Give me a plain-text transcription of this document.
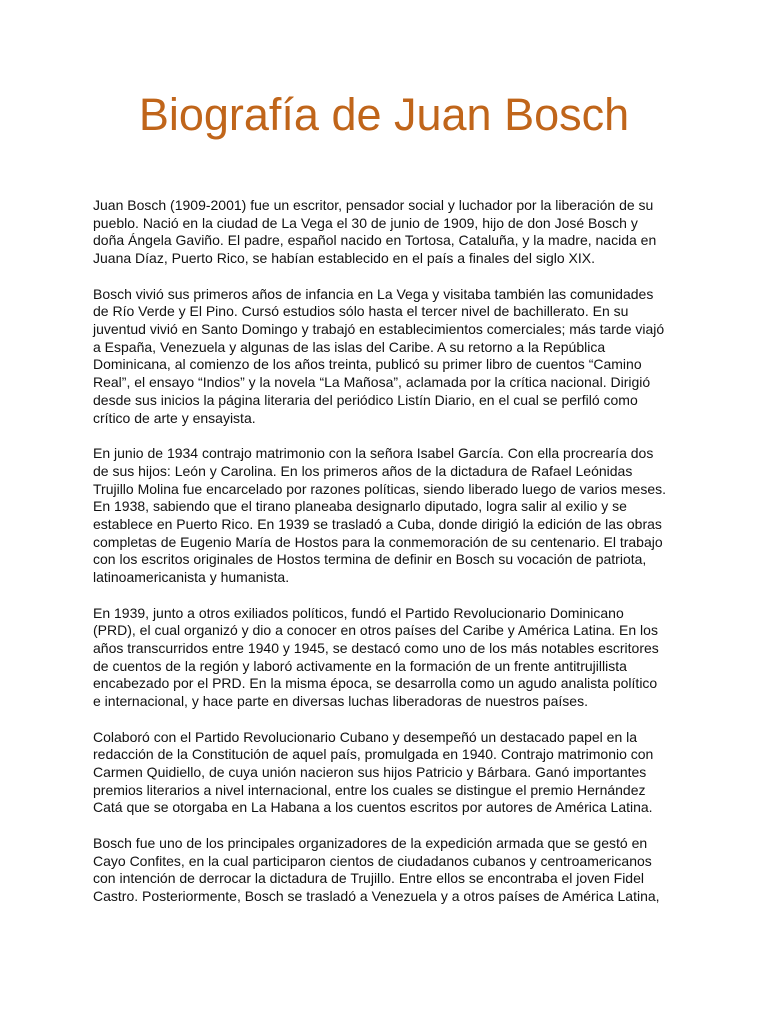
Biografía de Juan Bosch
Juan Bosch (1909-2001) fue un escritor, pensador social y luchador por la liberación de su
pueblo. Nació en la ciudad de La Vega el 30 de junio de 1909, hijo de don José Bosch y
doña Ángela Gaviño. El padre, español nacido en Tortosa, Cataluña, y la madre, nacida en
Juana Díaz, Puerto Rico, se habían establecido en el país a finales del siglo XIX.
Bosch vivió sus primeros años de infancia en La Vega y visitaba también las comunidades
de Río Verde y El Pino. Cursó estudios sólo hasta el tercer nivel de bachillerato. En su
juventud vivió en Santo Domingo y trabajó en establecimientos comerciales; más tarde viajó
a España, Venezuela y algunas de las islas del Caribe. A su retorno a la República
Dominicana, al comienzo de los años treinta, publicó su primer libro de cuentos “Camino
Real”, el ensayo “Indios” y la novela “La Mañosa”, aclamada por la crítica nacional. Dirigió
desde sus inicios la página literaria del periódico Listín Diario, en el cual se perfiló como
crítico de arte y ensayista.
En junio de 1934 contrajo matrimonio con la señora Isabel García. Con ella procrearía dos
de sus hijos: León y Carolina. En los primeros años de la dictadura de Rafael Leónidas
Trujillo Molina fue encarcelado por razones políticas, siendo liberado luego de varios meses.
En 1938, sabiendo que el tirano planeaba designarlo diputado, logra salir al exilio y se
establece en Puerto Rico. En 1939 se trasladó a Cuba, donde dirigió la edición de las obras
completas de Eugenio María de Hostos para la conmemoración de su centenario. El trabajo
con los escritos originales de Hostos termina de definir en Bosch su vocación de patriota,
latinoamericanista y humanista.
En 1939, junto a otros exiliados políticos, fundó el Partido Revolucionario Dominicano
(PRD), el cual organizó y dio a conocer en otros países del Caribe y América Latina. En los
años transcurridos entre 1940 y 1945, se destacó como uno de los más notables escritores
de cuentos de la región y laboró activamente en la formación de un frente antitrujillista
encabezado por el PRD. En la misma época, se desarrolla como un agudo analista político
e internacional, y hace parte en diversas luchas liberadoras de nuestros países.
Colaboró con el Partido Revolucionario Cubano y desempeñó un destacado papel en la
redacción de la Constitución de aquel país, promulgada en 1940. Contrajo matrimonio con
Carmen Quidiello, de cuya unión nacieron sus hijos Patricio y Bárbara. Ganó importantes
premios literarios a nivel internacional, entre los cuales se distingue el premio Hernández
Catá que se otorgaba en La Habana a los cuentos escritos por autores de América Latina.
Bosch fue uno de los principales organizadores de la expedición armada que se gestó en
Cayo Confites, en la cual participaron cientos de ciudadanos cubanos y centroamericanos
con intención de derrocar la dictadura de Trujillo. Entre ellos se encontraba el joven Fidel
Castro. Posteriormente, Bosch se trasladó a Venezuela y a otros países de América Latina,
